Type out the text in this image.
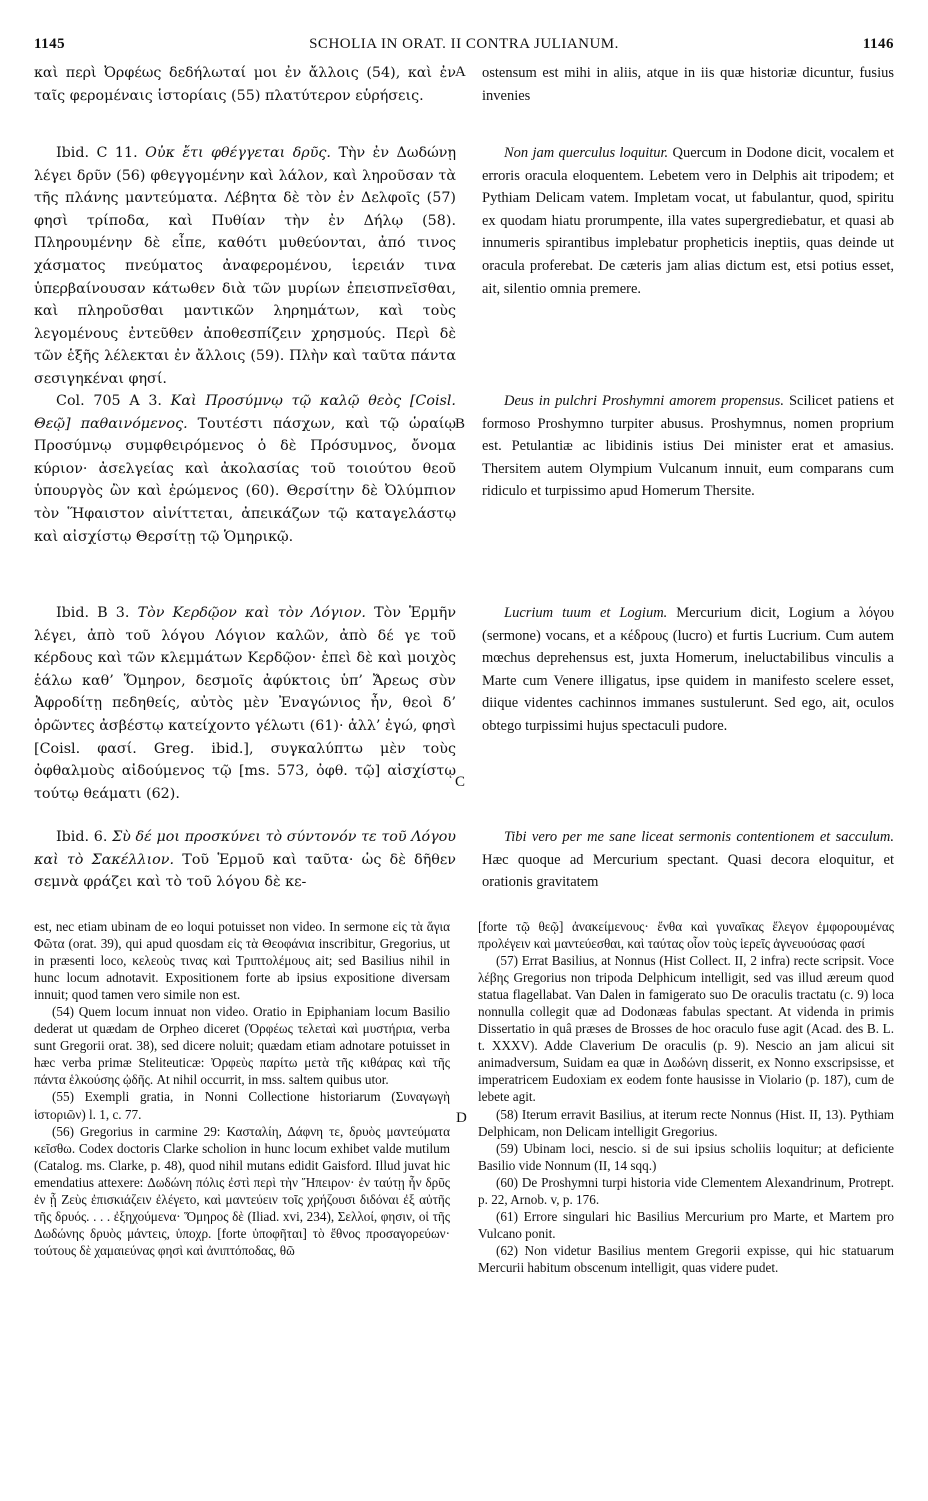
1145	SCHOLIA IN ORAT. II CONTRA JULIANUM.	1146
καὶ περὶ Ὀρφέως δεδήλωταί μοι ἐν ἄλλοις (54), καὶ ἐν ταῖς φερομέναις ἱστορίαις (55) πλατύτερον εὑρήσεις.
ostensum est mihi in aliis, atque in iis quæ historiæ dicuntur, fusius invenies
A
Ibid. C 11. Οὐκ ἔτι φθέγγεται δρῦς. Τὴν ἐν Δωδώνῃ λέγει δρῦν (56) φθεγγομένην καὶ λάλον, καὶ ληροῦσαν τὰ τῆς πλάνης μαντεύματα. Λέβητα δὲ τὸν ἐν Δελφοῖς (57) φησὶ τρίποδα, καὶ Πυθίαν τὴν ἐν Δήλῳ (58). Πληρουμένην δὲ εἶπε, καθότι μυθεύονται, ἀπό τινος χάσματος πνεύματος ἀναφερομένου, ἱερειάν τινα ὑπερβαίνουσαν κάτωθεν διὰ τῶν μυρίων ἐπεισπνεῖσθαι, καὶ πληροῦσθαι μαντικῶν ληρημάτων, καὶ τοὺς λεγομένους ἐντεῦθεν ἀποθεσπίζειν χρησμούς. Περὶ δὲ τῶν ἑξῆς λέλεκται ἐν ἄλλοις (59). Πλὴν καὶ ταῦτα πάντα σεσιγηκέναι φησί.
Non jam querculus loquitur. Quercum in Dodone dicit, vocalem et erroris oracula eloquentem. Lebetem vero in Delphis ait tripodem; et Pythiam Delicam vatem. Impletam vocat, ut fabulantur, quod, spiritu ex quodam hiatu prorumpente, illa vates supergrediebatur, et quasi ab innumeris spirantibus implebatur propheticis ineptiis, quas deinde ut oracula proferebat. De cæteris jam alias dictum est, etsi potius esset, ait, silentio omnia premere.
Col. 705 A 3. Καὶ Προσύμνῳ τῷ καλῷ θεὸς [Coisl. Θεῷ] παθαινόμενος. Τουτέστι πάσχων, καὶ τῷ ὡραίῳ Προσύμνῳ συμφθειρόμενος ὁ δὲ Πρόσυμνος, ὄνομα κύριον· ἀσελγείας καὶ ἀκολασίας τοῦ τοιούτου θεοῦ ὑπουργὸς ὢν καὶ ἐρώμενος (60). Θερσίτην δὲ Ὀλύμπιον τὸν Ἥφαιστον αἰνίττεται, ἀπεικάζων τῷ καταγελάστῳ καὶ αἰσχίστῳ Θερσίτῃ τῷ Ὁμηρικῷ.
Deus in pulchri Proshymni amorem propensus. Scilicet patiens et formoso Proshymno turpiter abusus. Proshymnus, nomen proprium est. Petulantiæ ac libidinis istius Dei minister erat et amasius. Thersitem autem Olympium Vulcanum innuit, eum comparans cum ridiculo et turpissimo apud Homerum Thersite.
B
Ibid. B 3. Τὸν Κερδῷον καὶ τὸν Λόγιον. Τὸν Ἑρμῆν λέγει, ἀπὸ τοῦ λόγου Λόγιον καλῶν, ἀπὸ δέ γε τοῦ κέρδους καὶ τῶν κλεμμάτων Κερδῷον· ἐπεὶ δὲ καὶ μοιχὸς ἑάλω καθ’ Ὅμηρον, δεσμοῖς ἀφύκτοις ὑπ’ Ἄρεως σὺν Ἀφροδίτῃ πεδηθείς, αὐτὸς μὲν Ἐναγώνιος ἦν, θεοὶ δ’ ὁρῶντες ἀσβέστῳ κατείχοντο γέλωτι (61)· ἀλλ’ ἐγώ, φησὶ [Coisl. φασί. Greg. ibid.], συγκαλύπτω μὲν τοὺς ὀφθαλμοὺς αἰδούμενος τῷ [ms. 573, ὀφθ. τῷ] αἰσχίστῳ τούτῳ θεάματι (62).
Lucrium tuum et Logium. Mercurium dicit, Logium a λόγου (sermone) vocans, et a κέδρους (lucro) et furtis Lucrium. Cum autem mœchus deprehensus est, juxta Homerum, ineluctabilibus vinculis a Marte cum Venere illigatus, ipse quidem in manifesto scelere esset, diique videntes cachinnos immanes sustulerunt. Sed ego, ait, oculos obtego turpissimi hujus spectaculi pudore.
C
Ibid. 6. Σὺ δέ μοι προσκύνει τὸ σύντονόν τε τοῦ Λόγου καὶ τὸ Σακέλλιον. Τοῦ Ἑρμοῦ καὶ ταῦτα· ὡς δὲ δῆθεν σεμνὰ φράζει καὶ τὸ τοῦ λόγου δὲ κε-
Tibi vero per me sane liceat sermonis contentionem et sacculum. Hæc quoque ad Mercurium spectant. Quasi decora eloquitur, et orationis gravitatem
est, nec etiam ubinam de eo loqui potuisset non video. In sermone εἰς τὰ ἅγια Φῶτα (orat. 39), qui apud quosdam εἰς τὰ Θεοφάνια inscribitur, Gregorius, ut in præsenti loco, κελεοὺς τινας καὶ Τριπτολέμους ait; sed Basilius nihil in hunc locum adnotavit. Expositionem forte ab ipsius expositione diversam innuit; quod tamen vero simile non est.
(54) Quem locum innuat non video. Oratio in Epiphaniam locum Basilio dederat ut quædam de Orpheo diceret (Ὀρφέως τελεταὶ καὶ μυστήρια, verba sunt Gregorii orat. 38), sed dicere noluit; quædam etiam adnotare potuisset in hæc verba primæ Steliteuticæ: Ὀρφεὺς παρίτω μετὰ τῆς κιθάρας καὶ τῆς πάντα ἑλκούσης ᾠδῆς. At nihil occurrit, in mss. saltem quibus utor.
(55) Exempli gratia, in Nonni Collectione historiarum (Συναγωγὴ ἱστοριῶν) l. 1, c. 77.
(56) Gregorius in carmine 29: Κασταλίη, Δάφνη τε, δρυὸς μαντεύματα κεῖσθω. Codex doctoris Clarke scholion in hunc locum exhibet valde mutilum (Catalog. ms. Clarke, p. 48), quod nihil mutans edidit Gaisford. Illud juvat hic emendatius attexere: Δωδώνη πόλις ἐστὶ περὶ τὴν Ἤπειρον· ἐν ταύτῃ ἦν δρῦς ἐν ᾗ Ζεὺς ἐπισκιάζειν ἐλέγετο, καὶ μαντεύειν τοῖς χρήζουσι διδόναι ἐξ αὐτῆς τῆς δρυός. . . . ἐξηχούμενα· Ὅμηρος δὲ (Iliad. xvi, 234), Σελλοί, φησιν, οἱ τῆς Δωδώνης δρυὸς μάντεις, ὑποχρ. [forte ὑποφῆται] τὸ ἔθνος προσαγορεύων· τούτους δὲ χαμαιεύνας φησὶ καὶ ἀνιπτόποδας, θῶ
D
[forte τῷ θεῷ] ἀνακείμενους· ἔνθα καὶ γυναῖκας ἔλεγον ἐμφορουμένας προλέγειν καὶ μαντεύεσθαι, καὶ ταύτας οἷον τοὺς ἱερεῖς ἁγνευούσας φασί
(57) Errat Basilius, at Nonnus (Hist Collect. II, 2 infra) recte scripsit. Voce λέβης Gregorius non tripoda Delphicum intelligit, sed vas illud æreum quod statua flagellabat. Van Dalen in famigerato suo De oraculis tractatu (c. 9) loca nonnulla collegit quæ ad Dodonæas fabulas spectant. At videnda in primis Dissertatio in quâ præses de Brosses de hoc oraculo fuse agit (Acad. des B. L. t. XXXV). Adde Claverium De oraculis (p. 9). Nescio an jam alicui sit animadversum, Suidam ea quæ in Δωδώνη disserit, ex Nonno exscripsisse, et imperatricem Eudoxiam ex eodem fonte hausisse in Violario (p. 187), cum de lebete agit.
(58) Iterum erravit Basilius, at iterum recte Nonnus (Hist. II, 13). Pythiam Delphicam, non Delicam intelligit Gregorius.
(59) Ubinam loci, nescio. si de sui ipsius scholiis loquitur; at deficiente Basilio vide Nonnum (II, 14 sqq.)
(60) De Proshymni turpi historia vide Clementem Alexandrinum, Protrept. p. 22, Arnob. v, p. 176.
(61) Errore singulari hic Basilius Mercurium pro Marte, et Martem pro Vulcano ponit.
(62) Non videtur Basilius mentem Gregorii expisse, qui hic statuarum Mercurii habitum obscenum intelligit, quas videre pudet.
